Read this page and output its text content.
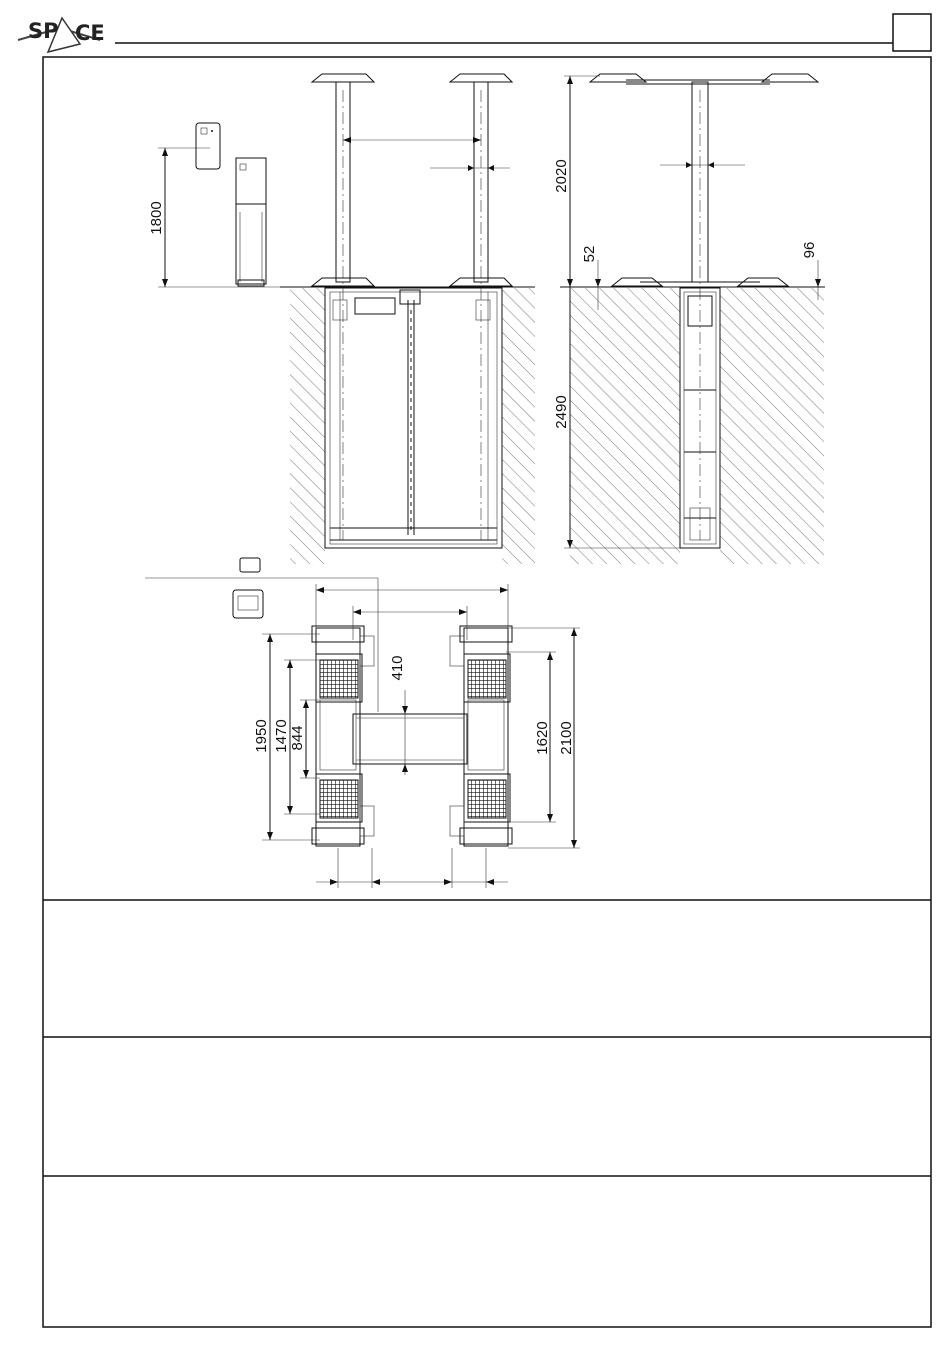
SP CE
1800
2020
2490
52	96
1950 1470 844
410
1620 2100
